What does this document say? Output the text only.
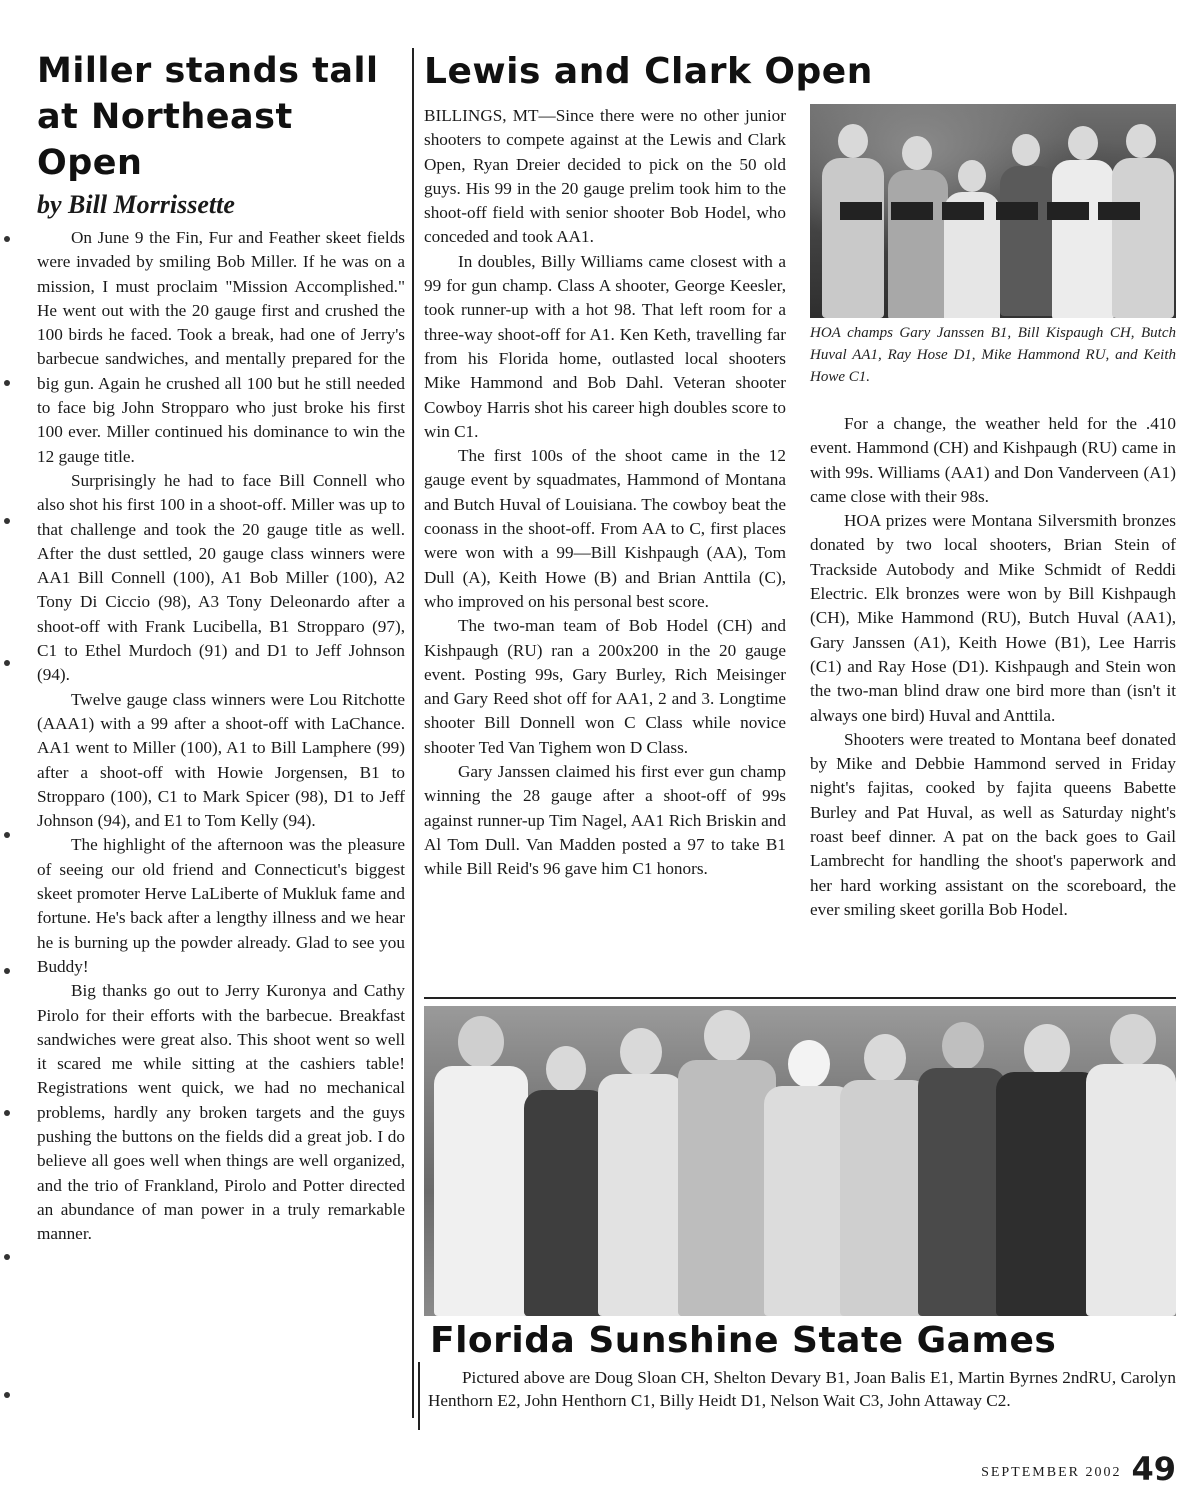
Miller stands tall
at Northeast Open
by Bill Morrissette

On June 9 the Fin, Fur and Feather skeet fields were invaded by smiling Bob Miller. If he was on a mission, I must proclaim "Mission Accomplished." He went out with the 20 gauge first and crushed the 100 birds he faced. Took a break, had one of Jerry's barbecue sandwiches, and mentally prepared for the big gun. Again he crushed all 100 but he still needed to face big John Stropparo who just broke his first 100 ever. Miller continued his dominance to win the 12 gauge title.

Surprisingly he had to face Bill Connell who also shot his first 100 in a shoot-off. Miller was up to that challenge and took the 20 gauge title as well. After the dust settled, 20 gauge class winners were AA1 Bill Connell (100), A1 Bob Miller (100), A2 Tony Di Ciccio (98), A3 Tony Deleonardo after a shoot-off with Frank Lucibella, B1 Stropparo (97), C1 to Ethel Murdoch (91) and D1 to Jeff Johnson (94).

Twelve gauge class winners were Lou Ritchotte (AAA1) with a 99 after a shoot-off with LaChance. AA1 went to Miller (100), A1 to Bill Lamphere (99) after a shoot-off with Howie Jorgensen, B1 to Stropparo (100), C1 to Mark Spicer (98), D1 to Jeff Johnson (94), and E1 to Tom Kelly (94).

The highlight of the afternoon was the pleasure of seeing our old friend and Connecticut's biggest skeet promoter Herve LaLiberte of Mukluk fame and fortune. He's back after a lengthy illness and we hear he is burning up the powder already. Glad to see you Buddy!

Big thanks go out to Jerry Kuronya and Cathy Pirolo for their efforts with the barbecue. Breakfast sandwiches were great also. This shoot went so well it scared me while sitting at the cashiers table! Registrations went quick, we had no mechanical problems, hardly any broken targets and the guys pushing the buttons on the fields did a great job. I do believe all goes well when things are well organized, and the trio of Frankland, Pirolo and Potter directed an abundance of man power in a truly remarkable manner.

Lewis and Clark Open

BILLINGS, MT—Since there were no other junior shooters to compete against at the Lewis and Clark Open, Ryan Dreier decided to pick on the 50 old guys. His 99 in the 20 gauge prelim took him to the shoot-off field with senior shooter Bob Hodel, who conceded and took AA1.

In doubles, Billy Williams came closest with a 99 for gun champ. Class A shooter, George Keesler, took runner-up with a hot 98. That left room for a three-way shoot-off for A1. Ken Keth, travelling far from his Florida home, outlasted local shooters Mike Hammond and Bob Dahl. Veteran shooter Cowboy Harris shot his career high doubles score to win C1.

The first 100s of the shoot came in the 12 gauge event by squadmates, Hammond of Montana and Butch Huval of Louisiana. The cowboy beat the coonass in the shoot-off. From AA to C, first places were won with a 99—Bill Kishpaugh (AA), Tom Dull (A), Keith Howe (B) and Brian Anttila (C), who improved on his personal best score.

The two-man team of Bob Hodel (CH) and Kishpaugh (RU) ran a 200x200 in the 20 gauge event. Posting 99s, Gary Burley, Rich Meisinger and Gary Reed shot off for AA1, 2 and 3. Longtime shooter Bill Donnell won C Class while novice shooter Ted Van Tighem won D Class.

Gary Janssen claimed his first ever gun champ winning the 28 gauge after a shoot-off of 99s against runner-up Tim Nagel, AA1 Rich Briskin and Al Tom Dull. Van Madden posted a 97 to take B1 while Bill Reid's 96 gave him C1 honors.

HOA champs Gary Janssen B1, Bill Kispaugh CH, Butch Huval AA1, Ray Hose D1, Mike Hammond RU, and Keith Howe C1.

For a change, the weather held for the .410 event. Hammond (CH) and Kishpaugh (RU) came in with 99s. Williams (AA1) and Don Vanderveen (A1) came close with their 98s.

HOA prizes were Montana Silversmith bronzes donated by two local shooters, Brian Stein of Trackside Autobody and Mike Schmidt of Reddi Electric. Elk bronzes were won by Bill Kishpaugh (CH), Mike Hammond (RU), Butch Huval (AA1), Gary Janssen (A1), Keith Howe (B1), Lee Harris (C1) and Ray Hose (D1). Kishpaugh and Stein won the two-man blind draw one bird more than (isn't it always one bird) Huval and Anttila.

Shooters were treated to Montana beef donated by Mike and Debbie Hammond served in Friday night's fajitas, cooked by fajita queens Babette Burley and Pat Huval, as well as Saturday night's roast beef dinner. A pat on the back goes to Gail Lambrecht for handling the shoot's paperwork and her hard working assistant on the scoreboard, the ever smiling skeet gorilla Bob Hodel.

Florida Sunshine State Games
Pictured above are Doug Sloan CH, Shelton Devary B1, Joan Balis E1, Martin Byrnes 2ndRU, Carolyn Henthorn E2, John Henthorn C1, Billy Heidt D1, Nelson Wait C3, John Attaway C2.
SEPTEMBER 2002 49
